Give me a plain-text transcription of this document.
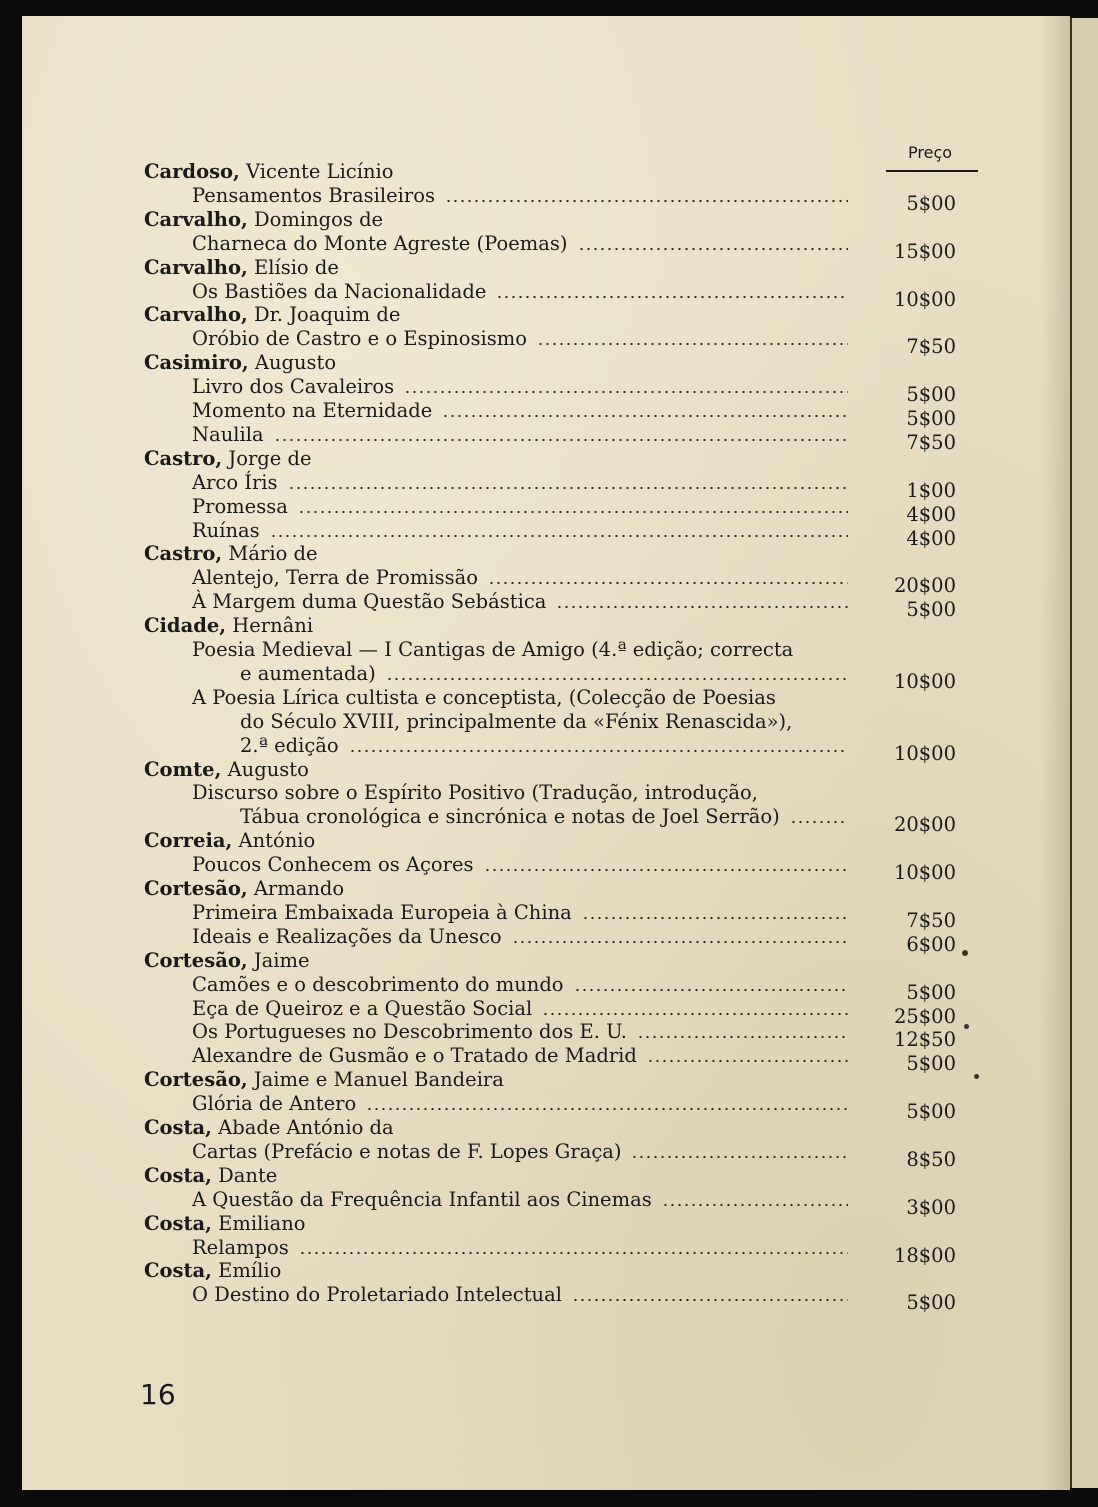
Preço
Cardoso, Vicente Licínio
Pensamentos Brasileiros	5$00
Carvalho, Domingos de
Charneca do Monte Agreste (Poemas)	15$00
Carvalho, Elísio de
Os Bastiões da Nacionalidade	10$00
Carvalho, Dr. Joaquim de
Oróbio de Castro e o Espinosismo	7$50
Casimiro, Augusto
Livro dos Cavaleiros	5$00
Momento na Eternidade	5$00
Naulila	7$50
Castro, Jorge de
Arco Íris	1$00
Promessa	4$00
Ruínas	4$00
Castro, Mário de
Alentejo, Terra de Promissão	20$00
À Margem duma Questão Sebástica	5$00
Cidade, Hernâni
Poesia Medieval — I Cantigas de Amigo (4.ª edição; correcta
e aumentada)	10$00
A Poesia Lírica cultista e conceptista, (Colecção de Poesias
do Século XVIII, principalmente da «Fénix Renascida»),
2.ª edição	10$00
Comte, Augusto
Discurso sobre o Espírito Positivo (Tradução, introdução,
Tábua cronológica e sincrónica e notas de Joel Serrão)	20$00
Correia, António
Poucos Conhecem os Açores	10$00
Cortesão, Armando
Primeira Embaixada Europeia à China	7$50
Ideais e Realizações da Unesco	6$00
Cortesão, Jaime
Camões e o descobrimento do mundo	5$00
Eça de Queiroz e a Questão Social	25$00
Os Portugueses no Descobrimento dos E. U.	12$50
Alexandre de Gusmão e o Tratado de Madrid	5$00
Cortesão, Jaime e Manuel Bandeira
Glória de Antero	5$00
Costa, Abade António da
Cartas (Prefácio e notas de F. Lopes Graça)	8$50
Costa, Dante
A Questão da Frequência Infantil aos Cinemas	3$00
Costa, Emiliano
Relampos	18$00
Costa, Emílio
O Destino do Proletariado Intelectual	5$00
16
